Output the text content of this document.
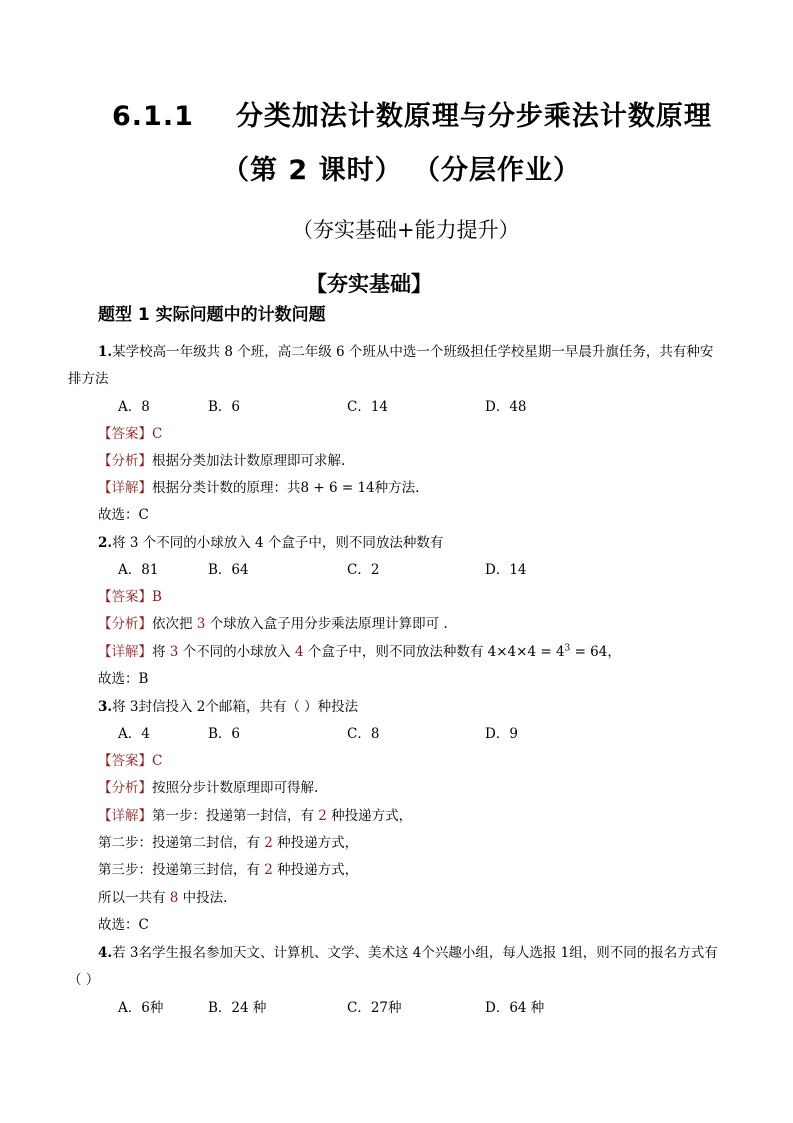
6.1.1 分类加法计数原理与分步乘法计数原理
（第 2 课时） （分层作业）
（夯实基础+能力提升）
【夯实基础】
题型 1 实际问题中的计数问题
1.某学校高一年级共 8 个班，高二年级 6 个班从中选一个班级担任学校星期一早晨升旗任务，共有种安
排方法
A．8	B．6	C．14	D．48
【答案】C
【分析】根据分类加法计数原理即可求解.
【详解】根据分类计数的原理：共8 + 6 = 14种方法.
故选：C
2.将 3 个不同的小球放入 4 个盒子中，则不同放法种数有
A．81	B．64	C．2	D．14
【答案】B
【分析】依次把 3 个球放入盒子用分步乘法原理计算即可 .
【详解】将 3 个不同的小球放入 4 个盒子中，则不同放法种数有 $4\times 4\times 4 = 4^3 = 64$，
故选：B
3.将 3封信投入 2个邮箱，共有（ ）种投法
A．4	B．6	C．8	D．9
【答案】C
【分析】按照分步计数原理即可得解.
【详解】第一步：投递第一封信，有 2 种投递方式，
第二步：投递第二封信，有 2 种投递方式，
第三步：投递第三封信，有 2 种投递方式，
所以一共有 8 中投法.
故选：C
4.若 3名学生报名参加天文、计算机、文学、美术这 4个兴趣小组，每人选报 1组，则不同的报名方式有
（ ）
A．6种	B．24 种	C．27种	D．64 种
